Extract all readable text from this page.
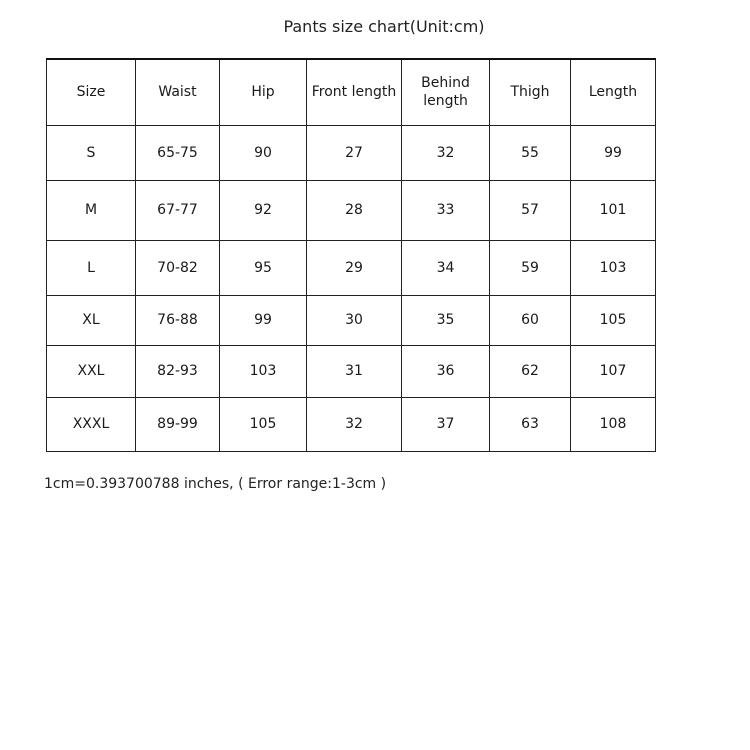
Pants size chart(Unit:cm)
Size	Waist	Hip	Front length	Behind length	Thigh	Length
S	65-75	90	27	32	55	99
M	67-77	92	28	33	57	101
L	70-82	95	29	34	59	103
XL	76-88	99	30	35	60	105
XXL	82-93	103	31	36	62	107
XXXL	89-99	105	32	37	63	108
1cm=0.393700788 inches, ( Error range:1-3cm )
